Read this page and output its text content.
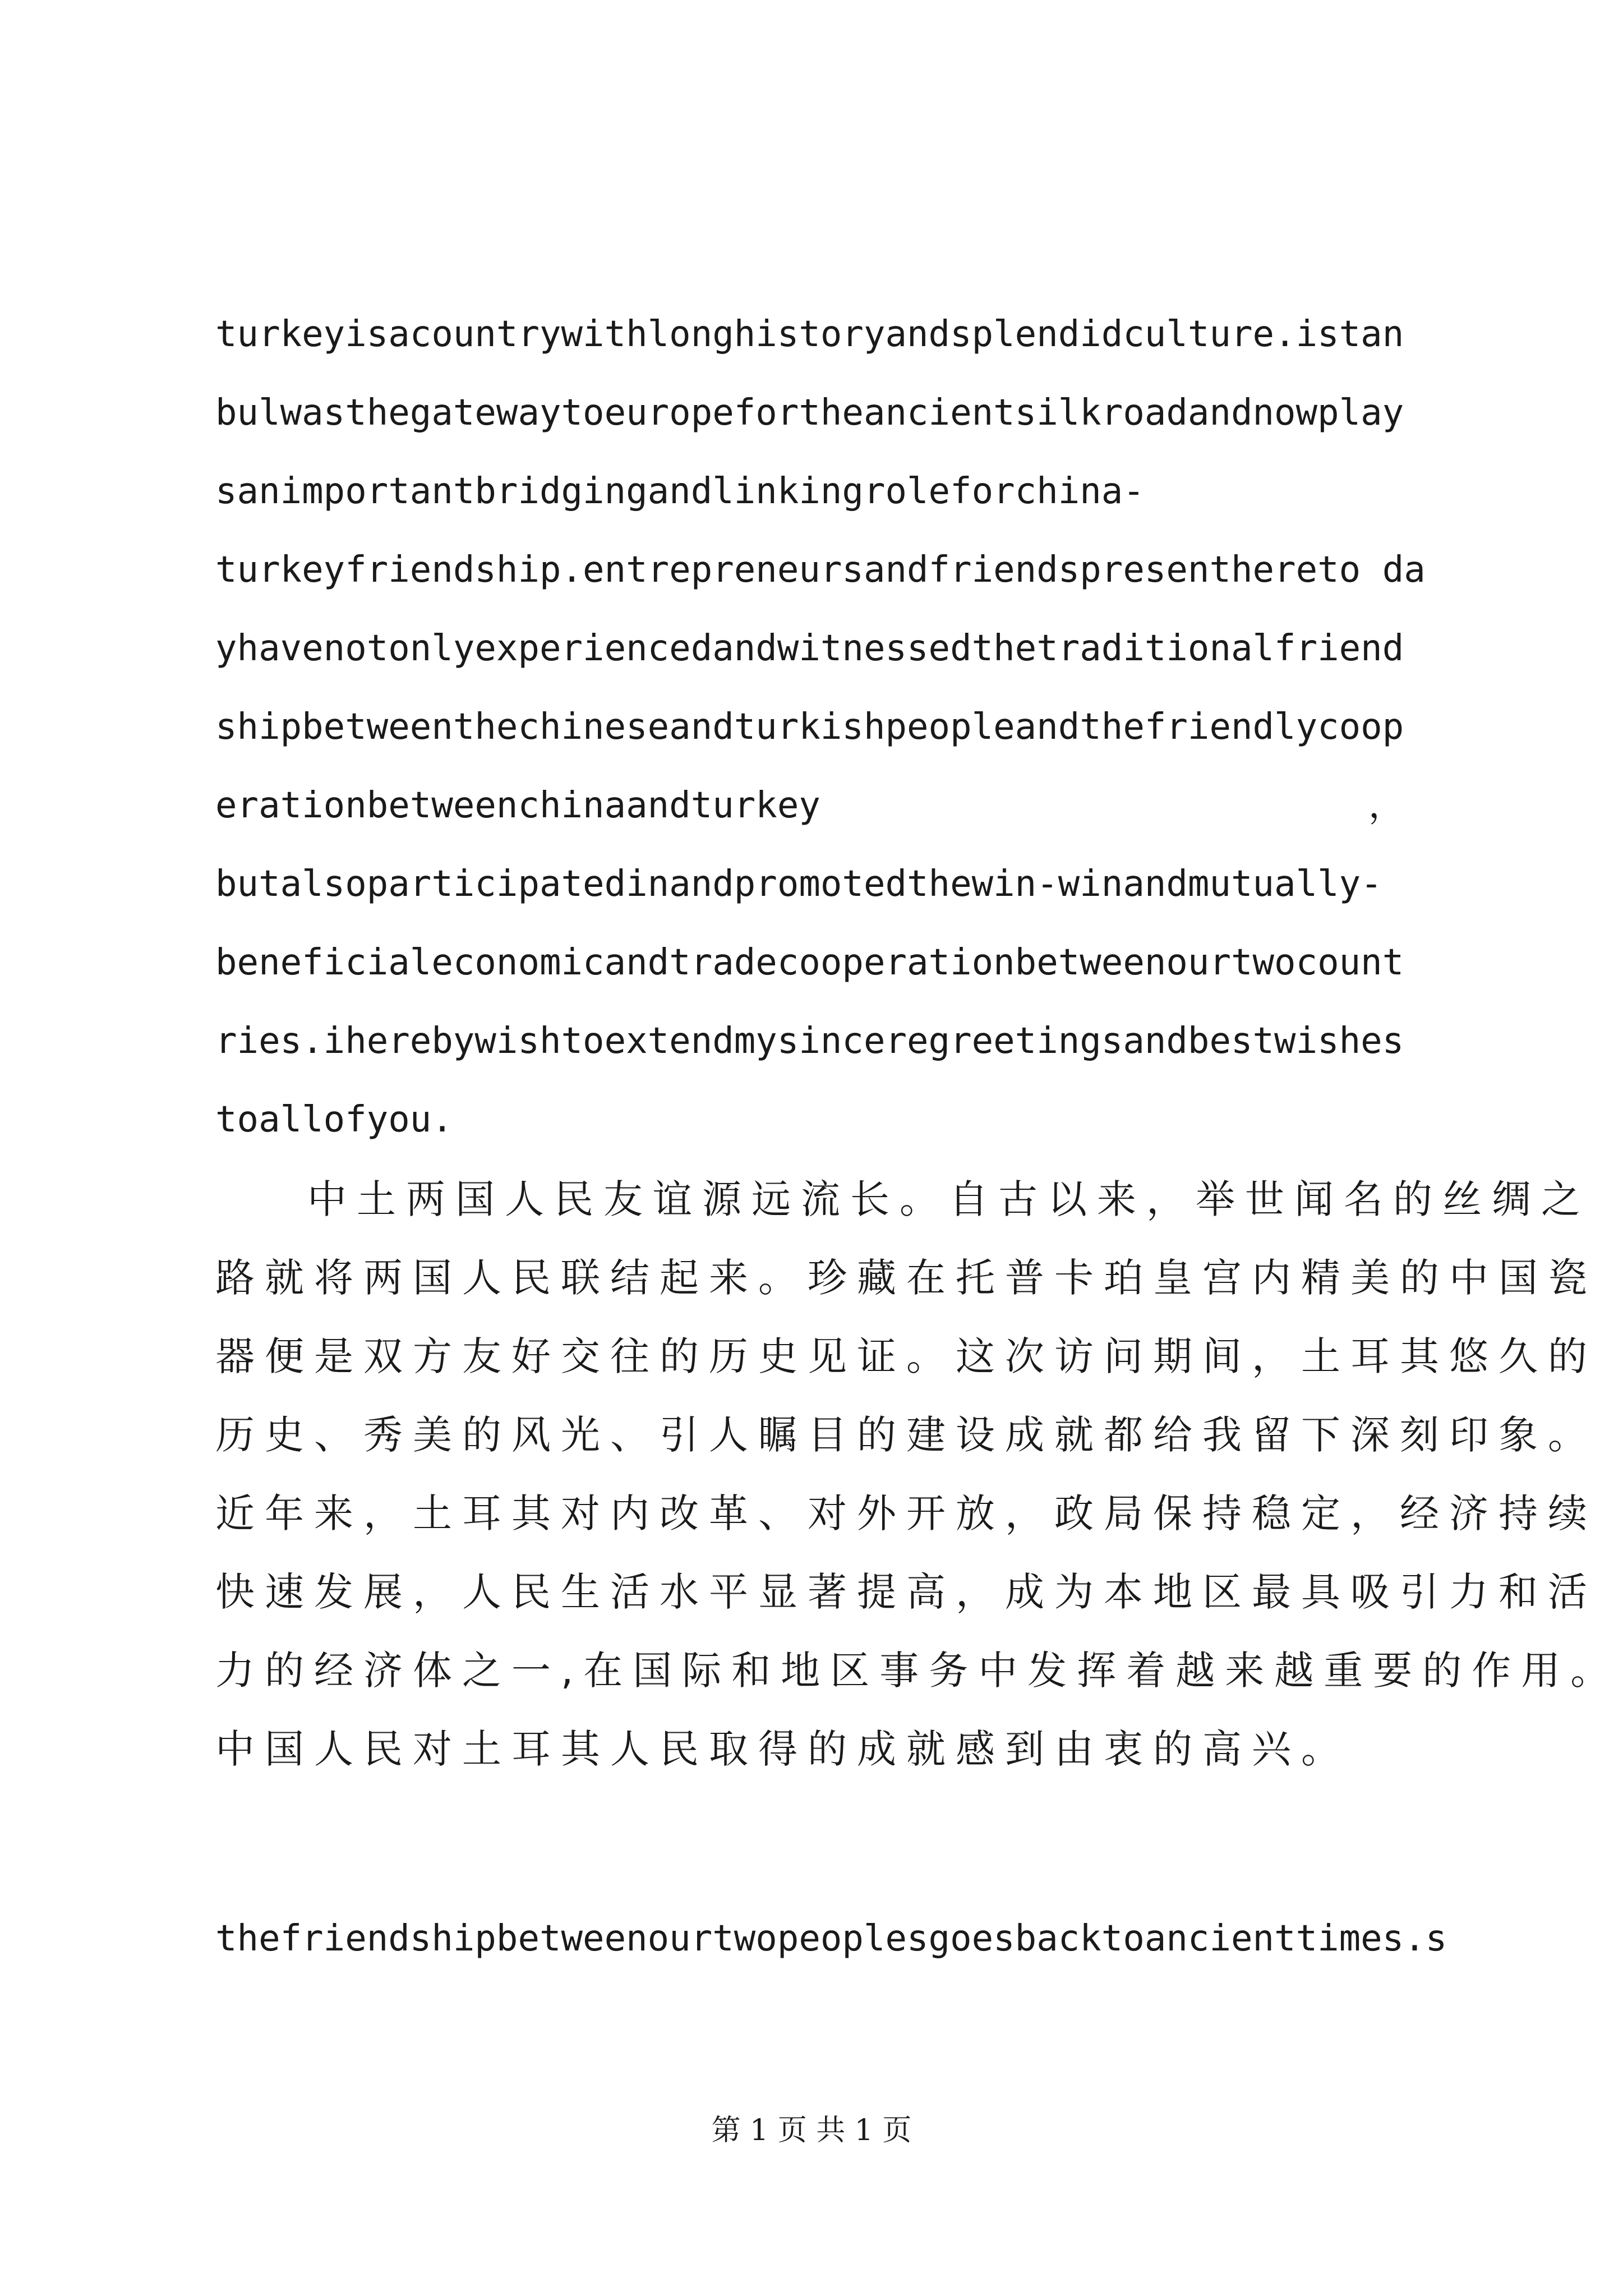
turkeyisacountrywithlonghistoryandsplendidculture.istan
bulwasthegatewaytoeuropefortheancientsilkroadandnowplay
sanimportantbridgingandlinkingroleforchina-
turkeyfriendship.entrepreneursandfriendspresenthereto da
yhavenotonlyexperiencedandwitnessedthetraditionalfriend
shipbetweenthechineseandturkishpeopleandthefriendlycoop
erationbetweenchinaandturkey	，
butalsoparticipatedinandpromotedthewin-winandmutually-
beneficialeconomicandtradecooperationbetweenourtwocount
ries.iherebywishtoextendmysinceregreetingsandbestwishes
toallofyou.
中土两国人民友谊源远流长。自古以来，举世闻名的丝绸之
路就将两国人民联结起来。珍藏在托普卡珀皇宫内精美的中国瓷
器便是双方友好交往的历史见证。这次访问期间，土耳其悠久的
历史、秀美的风光、引人瞩目的建设成就都给我留下深刻印象。
近年来，土耳其对内改革、对外开放，政局保持稳定，经济持续
快速发展，人民生活水平显著提高，成为本地区最具吸引力和活
力的经济体之一,在国际和地区事务中发挥着越来越重要的作用。
中国人民对土耳其人民取得的成就感到由衷的高兴。
thefriendshipbetweenourtwopeoplesgoesbacktoancienttimes.s
第 1 页 共 1 页
